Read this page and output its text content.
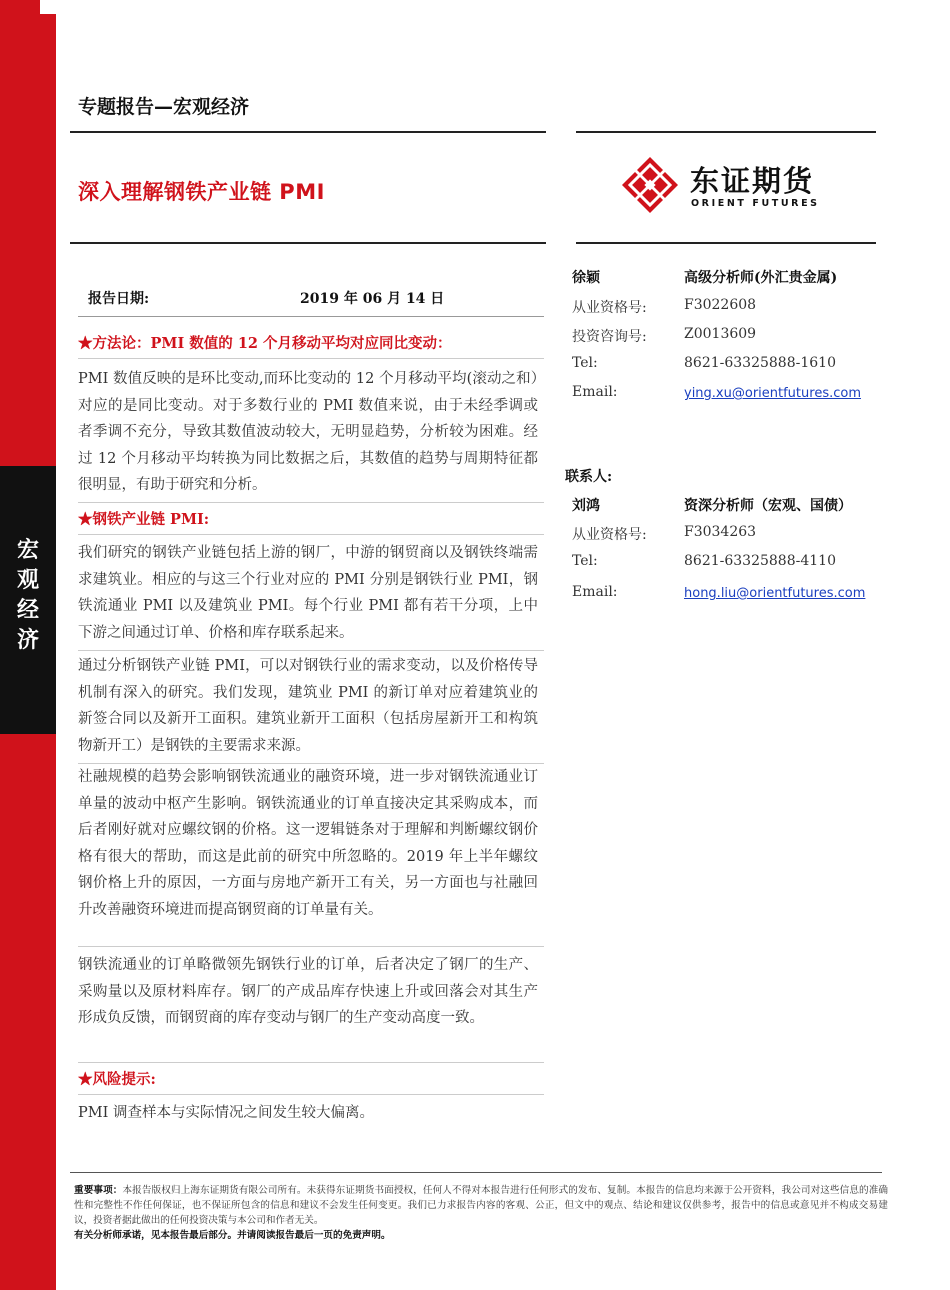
宏
观
经
济
专题报告—宏观经济
深入理解钢铁产业链 PMI	东证期货
ORIENT FUTURES
报告日期:	2019 年 06 月 14 日
★方法论：PMI 数值的 12 个月移动平均对应同比变动：
PMI 数值反映的是环比变动,而环比变动的 12 个月移动平均(滚动之和）对应的是同比变动。对于多数行业的 PMI 数值来说，由于未经季调或者季调不充分，导致其数值波动较大，无明显趋势，分析较为困难。经过 12 个月移动平均转换为同比数据之后，其数值的趋势与周期特征都很明显，有助于研究和分析。
★钢铁产业链 PMI:
我们研究的钢铁产业链包括上游的钢厂，中游的钢贸商以及钢铁终端需求建筑业。相应的与这三个行业对应的 PMI 分别是钢铁行业 PMI，钢铁流通业 PMI 以及建筑业 PMI。每个行业 PMI 都有若干分项，上中下游之间通过订单、价格和库存联系起来。
通过分析钢铁产业链 PMI，可以对钢铁行业的需求变动，以及价格传导机制有深入的研究。我们发现，建筑业 PMI 的新订单对应着建筑业的新签合同以及新开工面积。建筑业新开工面积（包括房屋新开工和构筑物新开工）是钢铁的主要需求来源。
社融规模的趋势会影响钢铁流通业的融资环境，进一步对钢铁流通业订单量的波动中枢产生影响。钢铁流通业的订单直接决定其采购成本，而后者刚好就对应螺纹钢的价格。这一逻辑链条对于理解和判断螺纹钢价格有很大的帮助，而这是此前的研究中所忽略的。2019 年上半年螺纹钢价格上升的原因，一方面与房地产新开工有关，另一方面也与社融回升改善融资环境进而提高钢贸商的订单量有关。
钢铁流通业的订单略微领先钢铁行业的订单，后者决定了钢厂的生产、采购量以及原材料库存。钢厂的产成品库存快速上升或回落会对其生产形成负反馈，而钢贸商的库存变动与钢厂的生产变动高度一致。
★风险提示:
PMI 调查样本与实际情况之间发生较大偏离。
徐颖	高级分析师(外汇贵金属)
从业资格号:	F3022608
投资咨询号:	Z0013609
Tel:	8621-63325888-1610
Email:	ying.xu@orientfutures.com
联系人:
刘鸿	资深分析师（宏观、国债）
从业资格号:	F3034263
Tel:	8621-63325888-4110
Email:	hong.liu@orientfutures.com
重要事项：本报告版权归上海东证期货有限公司所有。未获得东证期货书面授权，任何人不得对本报告进行任何形式的发布、复制。本报告的信息均来源于公开资料，我公司对这些信息的准确性和完整性不作任何保证，也不保证所包含的信息和建议不会发生任何变更。我们已力求报告内容的客观、公正，但文中的观点、结论和建议仅供参考，报告中的信息或意见并不构成交易建议，投资者据此做出的任何投资决策与本公司和作者无关。
有关分析师承诺，见本报告最后部分。并请阅读报告最后一页的免责声明。
